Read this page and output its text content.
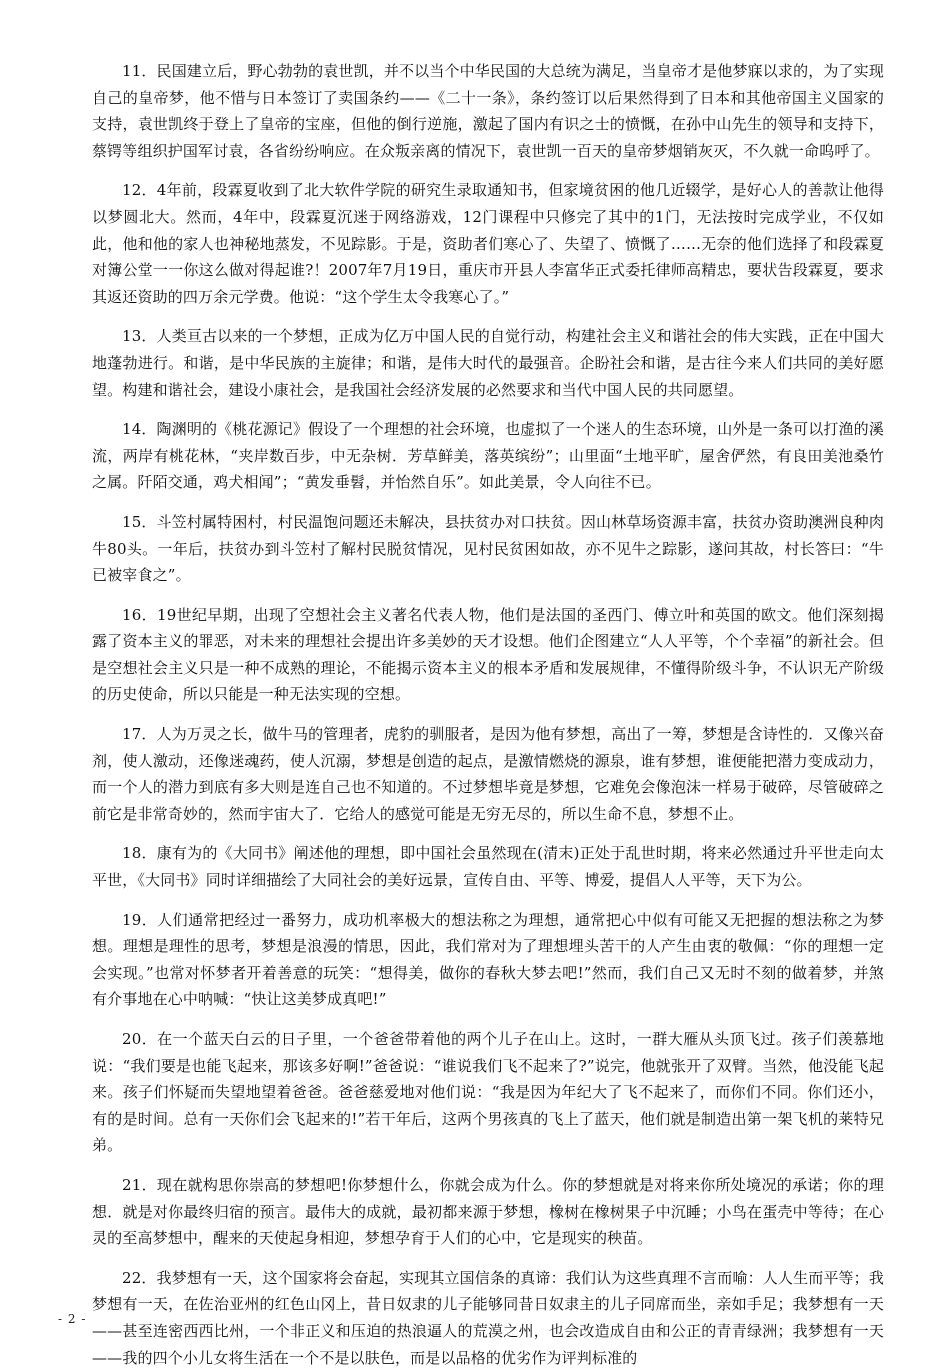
11．民国建立后，野心勃勃的袁世凯，并不以当个中华民国的大总统为满足，当皇帝才是他梦寐以求的，为了实现自己的皇帝梦，他不惜与日本签订了卖国条约——《二十一条》，条约签订以后果然得到了日本和其他帝国主义国家的支持，袁世凯终于登上了皇帝的宝座，但他的倒行逆施，激起了国内有识之士的愤慨，在孙中山先生的领导和支持下，蔡锷等组织护国军讨袁，各省纷纷响应。在众叛亲离的情况下，袁世凯一百天的皇帝梦烟销灰灭，不久就一命呜呼了。

12．4年前，段霖夏收到了北大软件学院的研究生录取通知书，但家境贫困的他几近辍学，是好心人的善款让他得以梦圆北大。然而，4年中，段霖夏沉迷于网络游戏，12门课程中只修完了其中的1门，无法按时完成学业，不仅如此，他和他的家人也神秘地蒸发，不见踪影。于是，资助者们寒心了、失望了、愤慨了……无奈的他们选择了和段霖夏对簿公堂一一你这么做对得起谁?！2007年7月19日，重庆市开县人李富华正式委托律师高精忠，要状告段霖夏，要求其返还资助的四万余元学费。他说：“这个学生太令我寒心了。”

13．人类亘古以来的一个梦想，正成为亿万中国人民的自觉行动，构建社会主义和谐社会的伟大实践，正在中国大地蓬勃进行。和谐，是中华民族的主旋律；和谐，是伟大时代的最强音。企盼社会和谐，是古往今来人们共同的美好愿望。构建和谐社会，建设小康社会，是我国社会经济发展的必然要求和当代中国人民的共同愿望。

14．陶渊明的《桃花源记》假设了一个理想的社会环境，也虚拟了一个迷人的生态环境，山外是一条可以打渔的溪流，两岸有桃花林，“夹岸数百步，中无杂树．芳草鲜美，落英缤纷”；山里面“土地平旷，屋舍俨然，有良田美池桑竹之属。阡陌交通，鸡犬相闻”；“黄发垂髫，并怡然自乐”。如此美景，令人向往不已。

15．斗笠村属特困村，村民温饱问题还未解决，县扶贫办对口扶贫。因山林草场资源丰富，扶贫办资助澳洲良种肉牛80头。一年后，扶贫办到斗笠村了解村民脱贫情况，见村民贫困如故，亦不见牛之踪影，遂问其故，村长答曰：“牛已被宰食之”。

16．19世纪早期，出现了空想社会主义著名代表人物，他们是法国的圣西门、傅立叶和英国的欧文。他们深刻揭露了资本主义的罪恶，对未来的理想社会提出许多美妙的天才设想。他们企图建立“人人平等，个个幸福”的新社会。但是空想社会主义只是一种不成熟的理论，不能揭示资本主义的根本矛盾和发展规律，不懂得阶级斗争，不认识无产阶级的历史使命，所以只能是一种无法实现的空想。

17．人为万灵之长，做牛马的管理者，虎豹的驯服者，是因为他有梦想，高出了一筹，梦想是含诗性的．又像兴奋剂，使人激动，还像迷魂药，使人沉溺，梦想是创造的起点，是激情燃烧的源泉，谁有梦想，谁便能把潜力变成动力，而一个人的潜力到底有多大则是连自己也不知道的。不过梦想毕竟是梦想，它难免会像泡沫一样易于破碎，尽管破碎之前它是非常奇妙的，然而宇宙大了．它给人的感觉可能是无穷无尽的，所以生命不息，梦想不止。

18．康有为的《大同书》阐述他的理想，即中国社会虽然现在(清末)正处于乱世时期，将来必然通过升平世走向太平世，《大同书》同时详细描绘了大同社会的美好远景，宣传自由、平等、博爱，提倡人人平等，天下为公。

19．人们通常把经过一番努力，成功机率极大的想法称之为理想，通常把心中似有可能又无把握的想法称之为梦想。理想是理性的思考，梦想是浪漫的情思，因此，我们常对为了理想埋头苦干的人产生由衷的敬佩：“你的理想一定会实现。”也常对怀梦者开着善意的玩笑：“想得美，做你的春秋大梦去吧!”然而，我们自己又无时不刻的做着梦，并煞有介事地在心中呐喊：“快让这美梦成真吧!”

20．在一个蓝天白云的日子里，一个爸爸带着他的两个儿子在山上。这时，一群大雁从头顶飞过。孩子们羡慕地说：“我们要是也能飞起来，那该多好啊!”爸爸说：“谁说我们飞不起来了?”说完，他就张开了双臂。当然，他没能飞起来。孩子们怀疑而失望地望着爸爸。爸爸慈爱地对他们说：“我是因为年纪大了飞不起来了，而你们不同。你们还小，有的是时间。总有一天你们会飞起来的!”若干年后，这两个男孩真的飞上了蓝天，他们就是制造出第一架飞机的莱特兄弟。

21．现在就构思你崇高的梦想吧!你梦想什么，你就会成为什么。你的梦想就是对将来你所处境况的承诺；你的理想．就是对你最终归宿的预言。最伟大的成就，最初都来源于梦想，橡树在橡树果子中沉睡；小鸟在蛋壳中等待；在心灵的至高梦想中，醒来的天使起身相迎，梦想孕育于人们的心中，它是现实的秧苗。

22．我梦想有一天，这个国家将会奋起，实现其立国信条的真谛：我们认为这些真理不言而喻：人人生而平等；我梦想有一天，在佐治亚州的红色山冈上，昔日奴隶的儿子能够同昔日奴隶主的儿子同席而坐，亲如手足；我梦想有一天——甚至连密西西比州，一个非正义和压迫的热浪逼人的荒漠之州，也会改造成自由和公正的青青绿洲；我梦想有一天——我的四个小儿女将生活在一个不是以肤色，而是以品格的优劣作为评判标准的

- 2 -
